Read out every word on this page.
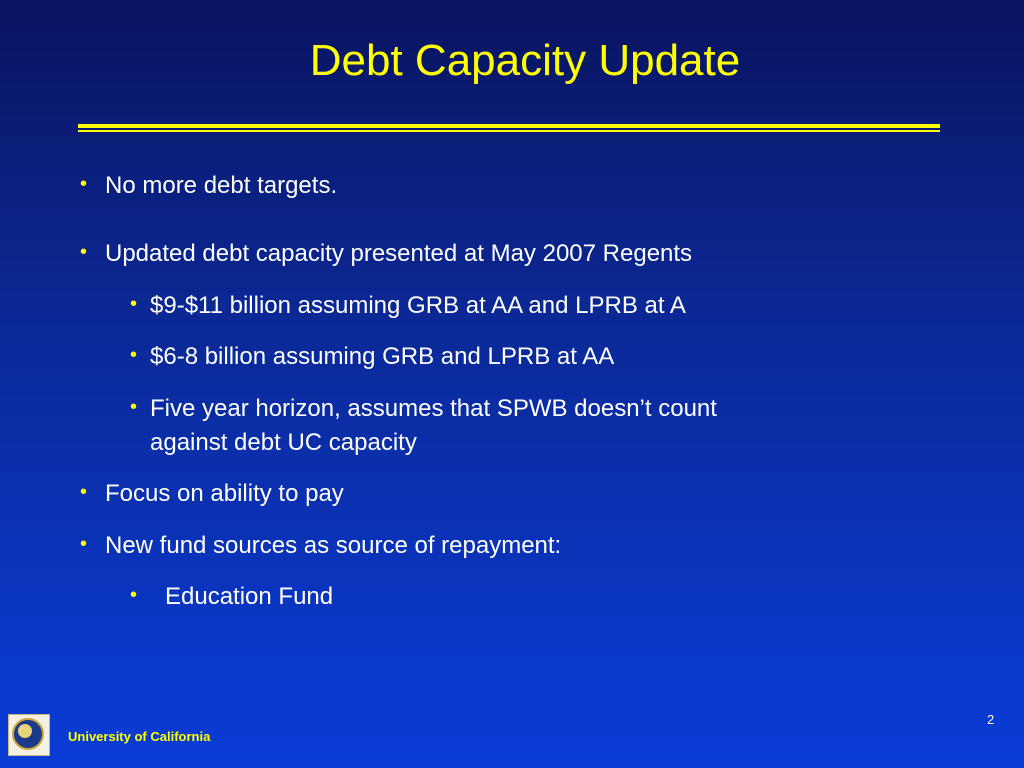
Debt Capacity Update
• No more debt targets.
• Updated debt capacity presented at May 2007 Regents
• $9-$11 billion assuming GRB at AA and LPRB at A
• $6-8 billion assuming GRB and LPRB at AA
• Five year horizon, assumes that SPWB doesn’t count
against debt UC capacity
• Focus on ability to pay
• New fund sources as source of repayment:
• Education Fund
University of California
2
